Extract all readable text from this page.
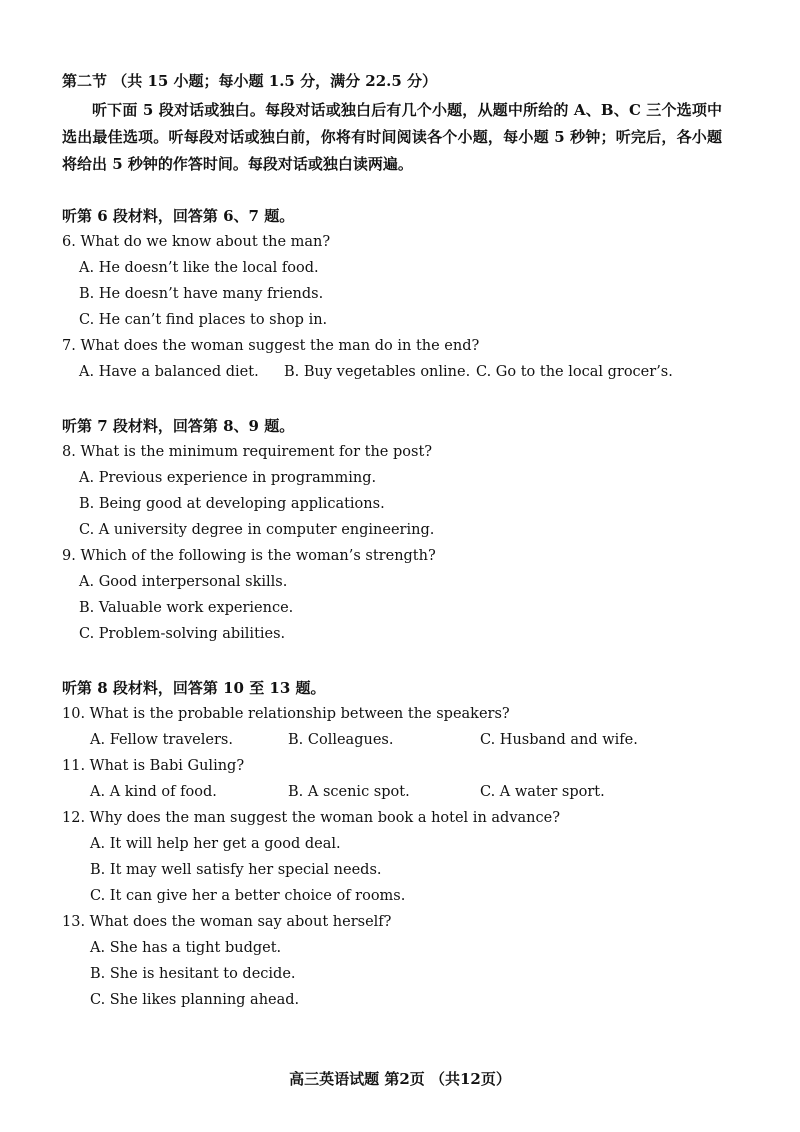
第二节 （共 15 小题；每小题 1.5 分，满分 22.5 分）
听下面 5 段对话或独白。每段对话或独白后有几个小题，从题中所给的 A、B、C 三个选项中选出最佳选项。听每段对话或独白前，你将有时间阅读各个小题，每小题 5 秒钟；听完后，各小题将给出 5 秒钟的作答时间。每段对话或独白读两遍。
听第 6 段材料，回答第 6、7 题。
6. What do we know about the man?
A. He doesn’t like the local food.
B. He doesn’t have many friends.
C. He can’t find places to shop in.
7. What does the woman suggest the man do in the end?
A. Have a balanced diet.	B. Buy vegetables online. C. Go to the local grocer’s.
听第 7 段材料，回答第 8、9 题。
8. What is the minimum requirement for the post?
A. Previous experience in programming.
B. Being good at developing applications.
C. A university degree in computer engineering.
9. Which of the following is the woman’s strength?
A. Good interpersonal skills.
B. Valuable work experience.
C. Problem-solving abilities.
听第 8 段材料，回答第 10 至 13 题。
10. What is the probable relationship between the speakers?
A. Fellow travelers.	B. Colleagues.	C. Husband and wife.
11. What is Babi Guling?
A. A kind of food.	B. A scenic spot.	C. A water sport.
12. Why does the man suggest the woman book a hotel in advance?
A. It will help her get a good deal.
B. It may well satisfy her special needs.
C. It can give her a better choice of rooms.
13. What does the woman say about herself?
A. She has a tight budget.
B. She is hesitant to decide.
C. She likes planning ahead.
高三英语试题 第2页 （共12页）
